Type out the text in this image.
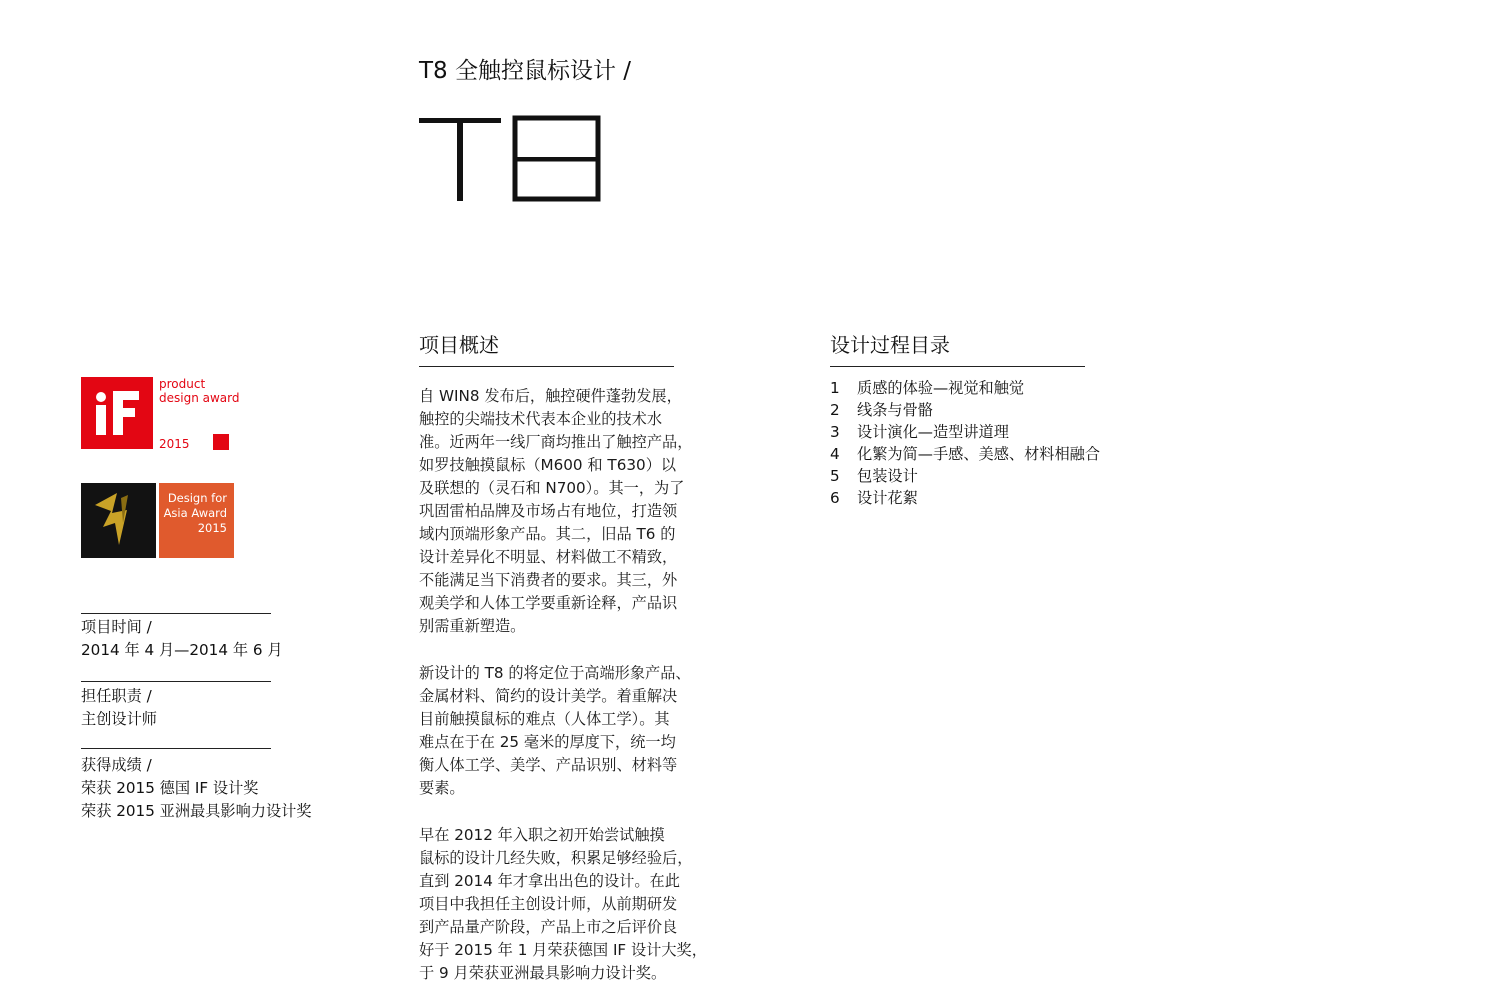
T8 全触控鼠标设计 /
项目概述
自 WIN8 发布后，触控硬件蓬勃发展，
触控的尖端技术代表本企业的技术水
准。近两年一线厂商均推出了触控产品，
如罗技触摸鼠标（M600 和 T630）以
及联想的（灵石和 N700）。其一，为了
巩固雷柏品牌及市场占有地位，打造领
域内顶端形象产品。其二，旧品 T6 的
设计差异化不明显、材料做工不精致，
不能满足当下消费者的要求。其三，外
观美学和人体工学要重新诠释，产品识
别需重新塑造。
新设计的 T8 的将定位于高端形象产品、
金属材料、简约的设计美学。着重解决
目前触摸鼠标的难点（人体工学）。其
难点在于在 25 毫米的厚度下，统一均
衡人体工学、美学、产品识别、材料等
要素。
早在 2012 年入职之初开始尝试触摸
鼠标的设计几经失败，积累足够经验后，
直到 2014 年才拿出出色的设计。在此
项目中我担任主创设计师，从前期研发
到产品量产阶段，产品上市之后评价良
好于 2015 年 1 月荣获德国 IF 设计大奖，
于 9 月荣获亚洲最具影响力设计奖。
设计过程目录
1	质感的体验—视觉和触觉
2	线条与骨骼
3	设计演化—造型讲道理
4	化繁为简—手感、美感、材料相融合
5	包装设计
6	设计花絮
product
design award
2015
Design for
Asia Award
2015
项目时间 /
2014 年 4 月—2014 年 6 月
担任职责 /
主创设计师
获得成绩 /
荣获 2015 德国 IF 设计奖
荣获 2015 亚洲最具影响力设计奖
